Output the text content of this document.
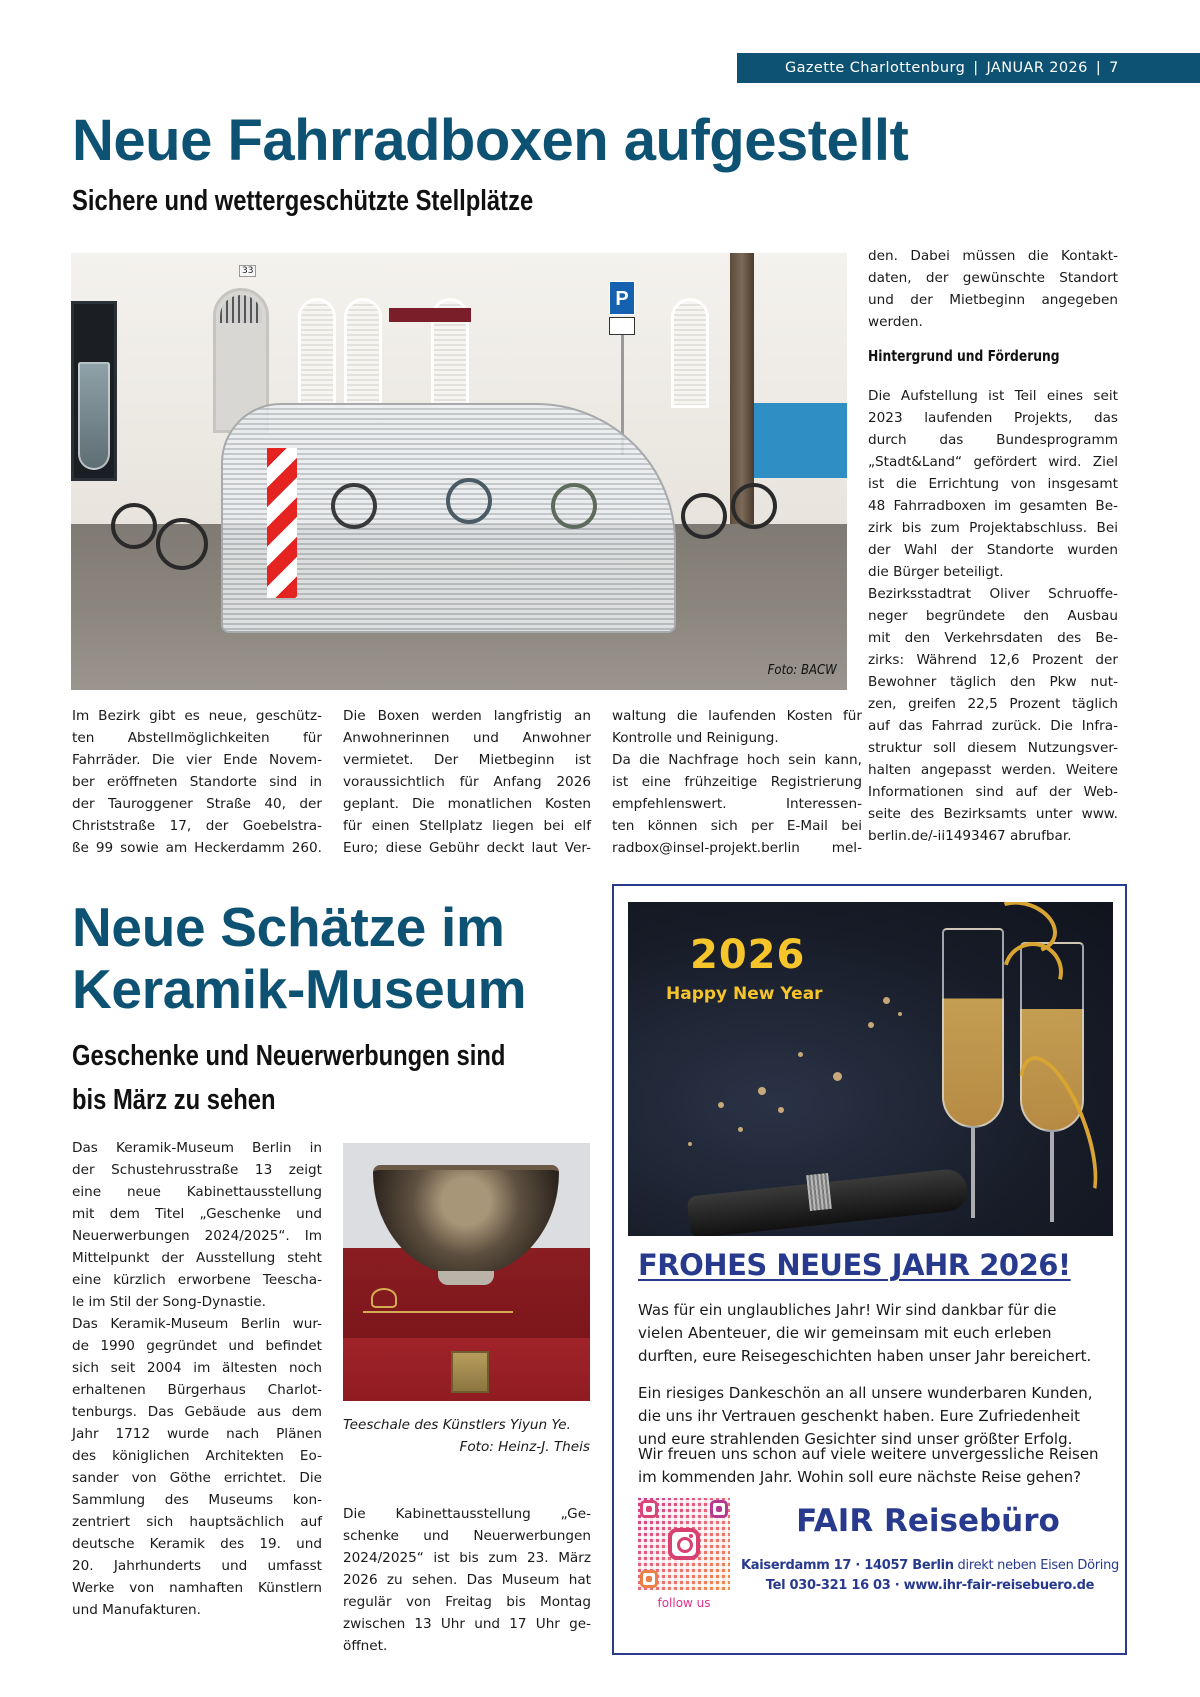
Gazette Charlottenburg | JANUAR 2026 | 7
Neue Fahrradboxen aufgestellt
Sichere und wettergeschützte Stellplätze
33
P
Foto: BACW
Im Bezirk gibt es neue, geschütz-
ten Abstellmöglichkeiten für
Fahrräder. Die vier Ende Novem-
ber eröffneten Standorte sind in
der Tauroggener Straße 40, der
Christstraße 17, der Goebelstra-
ße 99 sowie am Heckerdamm 260.
Die Boxen werden langfristig an
Anwohnerinnen und Anwohner
vermietet. Der Mietbeginn ist
voraussichtlich für Anfang 2026
geplant. Die monatlichen Kosten
für einen Stellplatz liegen bei elf
Euro; diese Gebühr deckt laut Ver-
waltung die laufenden Kosten für
Kontrolle und Reinigung.
Da die Nachfrage hoch sein kann,
ist eine frühzeitige Registrierung
empfehlenswert. Interessen-
ten können sich per E-Mail bei
radbox@insel-projekt.berlin mel-
den. Dabei müssen die Kontakt-
daten, der gewünschte Standort
und der Mietbeginn angegeben
werden.
Hintergrund und Förderung
Die Aufstellung ist Teil eines seit
2023 laufenden Projekts, das
durch das Bundesprogramm
„Stadt&Land“ gefördert wird. Ziel
ist die Errichtung von insgesamt
48 Fahrradboxen im gesamten Be-
zirk bis zum Projektabschluss. Bei
der Wahl der Standorte wurden
die Bürger beteiligt.
Bezirksstadtrat Oliver Schruoffe-
neger begründete den Ausbau
mit den Verkehrsdaten des Be-
zirks: Während 12,6 Prozent der
Bewohner täglich den Pkw nut-
zen, greifen 22,5 Prozent täglich
auf das Fahrrad zurück. Die Infra-
struktur soll diesem Nutzungsver-
halten angepasst werden. Weitere
Informationen sind auf der Web-
seite des Bezirksamts unter www.
berlin.de/-ii1493467 abrufbar.
Neue Schätze im
Keramik-Museum
Geschenke und Neuerwerbungen sind
bis März zu sehen
Das Keramik-Museum Berlin in
der Schustehrusstraße 13 zeigt
eine neue Kabinettausstellung
mit dem Titel „Geschenke und
Neuerwerbungen 2024/2025“. Im
Mittelpunkt der Ausstellung steht
eine kürzlich erworbene Teescha-
le im Stil der Song-Dynastie.
Das Keramik-Museum Berlin wur-
de 1990 gegründet und befindet
sich seit 2004 im ältesten noch
erhaltenen Bürgerhaus Charlot-
tenburgs. Das Gebäude aus dem
Jahr 1712 wurde nach Plänen
des königlichen Architekten Eo-
sander von Göthe errichtet. Die
Sammlung des Museums kon-
zentriert sich hauptsächlich auf
deutsche Keramik des 19. und
20. Jahrhunderts und umfasst
Werke von namhaften Künstlern
und Manufakturen.
Teeschale des Künstlers Yiyun Ye.
Foto: Heinz-J. Theis
Die Kabinettausstellung „Ge-
schenke und Neuerwerbungen
2024/2025“ ist bis zum 23. März
2026 zu sehen. Das Museum hat
regulär von Freitag bis Montag
zwischen 13 Uhr und 17 Uhr ge-
öffnet.
2026
Happy New Year
FROHES NEUES JAHR 2026!
Was für ein unglaubliches Jahr! Wir sind dankbar für die
vielen Abenteuer, die wir gemeinsam mit euch erleben
durften, eure Reisegeschichten haben unser Jahr bereichert.
Ein riesiges Dankeschön an all unsere wunderbaren Kunden,
die uns ihr Vertrauen geschenkt haben. Eure Zufriedenheit
und eure strahlenden Gesichter sind unser größter Erfolg.
Wir freuen uns schon auf viele weitere unvergessliche Reisen
im kommenden Jahr. Wohin soll eure nächste Reise gehen?
follow us
FAIR Reisebüro
Kaiserdamm 17 · 14057 Berlin direkt neben Eisen Döring
Tel 030-321 16 03 · www.ihr-fair-reisebuero.de
